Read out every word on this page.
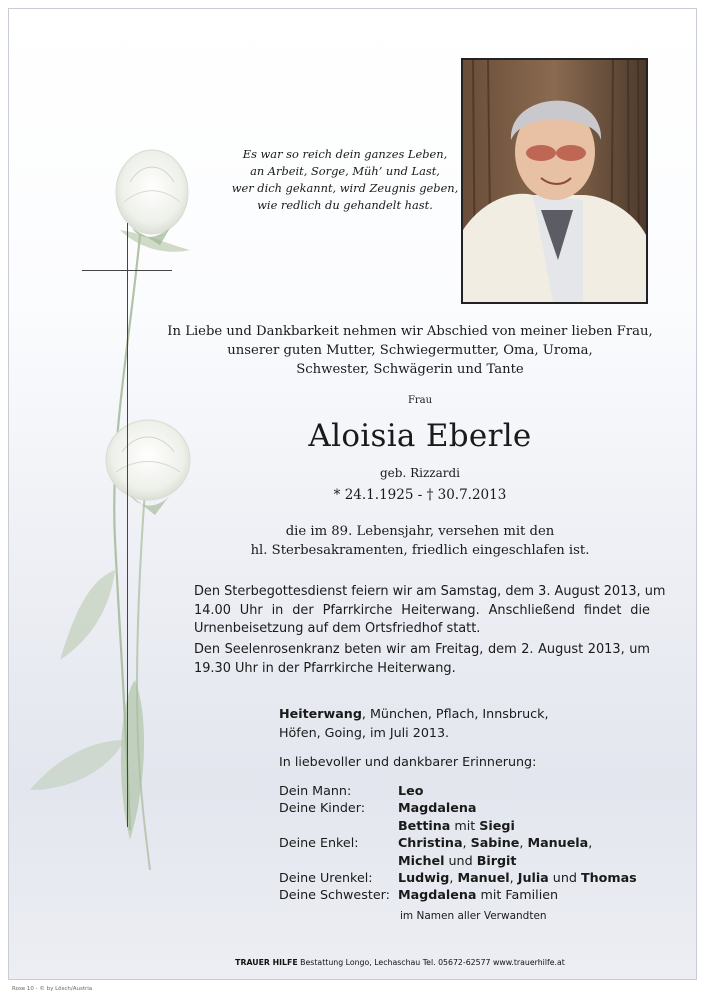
Es war so reich dein ganzes Leben,
an Arbeit, Sorge, Müh’ und Last,
wer dich gekannt, wird Zeugnis geben,
wie redlich du gehandelt hast.
In Liebe und Dankbarkeit nehmen wir Abschied von meiner lieben Frau,
unserer guten Mutter, Schwiegermutter, Oma, Uroma,
Schwester, Schwägerin und Tante
Frau
Aloisia Eberle
geb. Rizzardi
* 24.1.1925 - † 30.7.2013
die im 89. Lebensjahr, versehen mit den
hl. Sterbesakramenten, friedlich eingeschlafen ist.
Den Sterbegottesdienst feiern wir am Samstag, dem 3. August 2013, um
14.00 Uhr in der Pfarrkirche Heiterwang. Anschließend findet die
Urnenbeisetzung auf dem Ortsfriedhof statt.
Den Seelenrosenkranz beten wir am Freitag, dem 2. August 2013, um
19.30 Uhr in der Pfarrkirche Heiterwang.
Heiterwang, München, Pflach, Innsbruck,
Höfen, Going, im Juli 2013.
In liebevoller und dankbarer Erinnerung:
Dein Mann:	Leo
Deine Kinder:	Magdalena
Bettina mit Siegi
Deine Enkel:	Christina, Sabine, Manuela,
Michel und Birgit
Deine Urenkel: Ludwig, Manuel, Julia und Thomas
Deine Schwester: Magdalena mit Familien
im Namen aller Verwandten
TRAUER HILFE Bestattung Longo, Lechaschau Tel. 05672-62577 www.trauerhilfe.at
Rose 10 - © by Lösch/Austria
